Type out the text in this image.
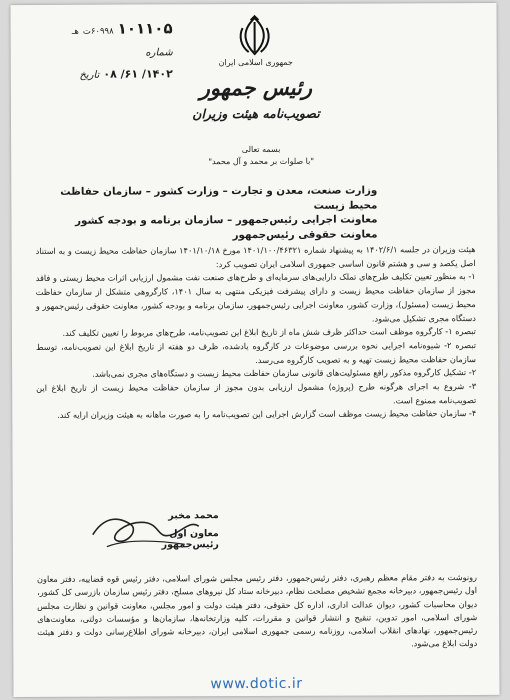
هـ ۶۰۹۹۸ت ۱۰۱۱۰۵
شماره
تاریخ ۱۴۰۲/ ۶۱/ ۰۸
جمهوری اسلامی ایران
رئیس جمهور
تصویب‌نامه هیئت وزیران
بسمه تعالی
"با صلوات بر محمد و آل محمد"
وزارت صنعت، معدن و تجارت – وزارت کشور – سازمان حفاظت محیط زیست
معاونت اجرایی رئیس‌جمهور – سازمان برنامه و بودجه کشور
معاونت حقوقی رئیس‌جمهور

هیئت وزیران در جلسه ۱۴۰۲/۶/۱ به پیشنهاد شماره ۱۴۰۱/۱۰۰/۴۶۳۲۱ مورخ ۱۴۰۱/۱۰/۱۸ سازمان حفاظت محیط زیست و به استناد اصل یکصد و سی و هشتم قانون اساسی جمهوری اسلامی ایران تصویب کرد:

۱- به منظور تعیین تکلیف طرح‌های تملک دارایی‌های سرمایه‌ای و طرح‌های صنعت نفت مشمول ارزیابی اثرات محیط زیستی و فاقد مجوز از سازمان حفاظت محیط زیست و دارای پیشرفت فیزیکی منتهی به سال ۱۴۰۱، کارگروهی متشکل از سازمان حفاظت محیط زیست (مسئول)، وزارت کشور، معاونت اجرایی رئیس‌جمهور، سازمان برنامه و بودجه کشور، معاونت حقوقی رئیس‌جمهور و دستگاه مجری تشکیل می‌شود.

تبصره ۱- کارگروه موظف است حداکثر ظرف شش ماه از تاریخ ابلاغ این تصویب‌نامه، طرح‌های مربوط را تعیین تکلیف کند.

تبصره ۲- شیوه‌نامه اجرایی نحوه بررسی موضوعات در کارگروه یادشده، ظرف دو هفته از تاریخ ابلاغ این تصویب‌نامه، توسط سازمان حفاظت محیط زیست تهیه و به تصویب کارگروه می‌رسد.

۲- تشکیل کارگروه مذکور رافع مسئولیت‌های قانونی سازمان حفاظت محیط زیست و دستگاه‌های مجری نمی‌باشد.

۳- شروع به اجرای هرگونه طرح (پروژه) مشمول ارزیابی بدون مجوز از سازمان حفاظت محیط زیست از تاریخ ابلاغ این تصویب‌نامه ممنوع است.

۴- سازمان حفاظت محیط زیست موظف است گزارش اجرایی این تصویب‌نامه را به صورت ماهانه به هیئت وزیران ارایه کند.

محمد مخبر
معاون اول رئیس‌جمهور
رونوشت به دفتر مقام معظم رهبری، دفتر رئیس‌جمهور، دفتر رئیس مجلس شورای اسلامی، دفتر رئیس قوه قضاییه، دفتر معاون اول رئیس‌جمهور، دبیرخانه مجمع تشخیص مصلحت نظام، دبیرخانه ستاد کل نیروهای مسلح، دفتر رئیس سازمان بازرسی کل کشور، دیوان محاسبات کشور، دیوان عدالت اداری، اداره کل حقوقی، دفتر هیئت دولت و امور مجلس، معاونت قوانین و نظارت مجلس شورای اسلامی، امور تدوین، تنقیح و انتشار قوانین و مقررات، کلیه وزارتخانه‌ها، سازمان‌ها و مؤسسات دولتی، معاونت‌های رئیس‌جمهور، نهادهای انقلاب اسلامی، روزنامه رسمی جمهوری اسلامی ایران، دبیرخانه شورای اطلاع‌رسانی دولت و دفتر هیئت دولت ابلاغ می‌شود.
www.dotic.ir
